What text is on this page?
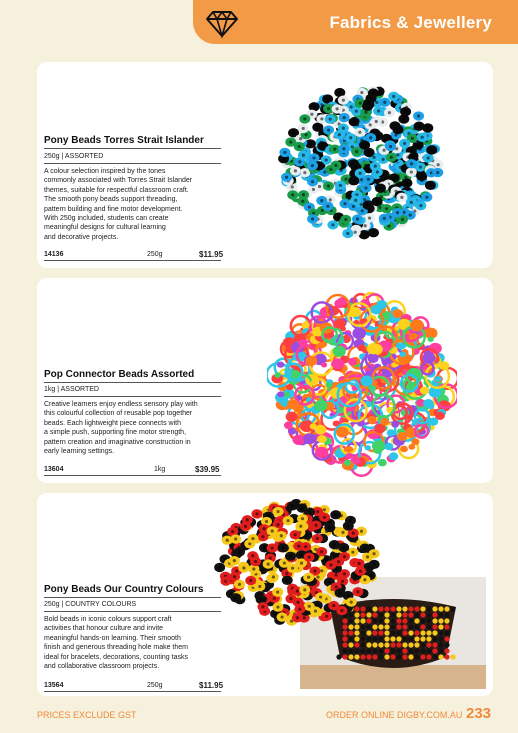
Fabrics & Jewellery
Pony Beads Torres Strait Islander
250g | ASSORTED
A colour selection inspired by the tones
commonly associated with Torres Strait Islander
themes, suitable for respectful classroom craft.
The smooth pony beads support threading,
pattern building and fine motor development.
With 250g included, students can create
meaningful designs for cultural learning
and decorative projects.
14136	250g	$11.95
Pop Connector Beads Assorted
1kg | ASSORTED
Creative learners enjoy endless sensory play with
this colourful collection of reusable pop together
beads. Each lightweight piece connects with
a simple push, supporting fine motor strength,
pattern creation and imaginative construction in
early learning settings.
13604	1kg	$39.95
Pony Beads Our Country Colours
250g | COUNTRY COLOURS
Bold beads in iconic colours support craft
activities that honour culture and invite
meaningful hands-on learning. Their smooth
finish and generous threading hole make them
ideal for bracelets, decorations, counting tasks
and collaborative classroom projects.
13564	250g	$11.95
PRICES EXCLUDE GST	ORDER ONLINE DIGBY.COM.AU 233
